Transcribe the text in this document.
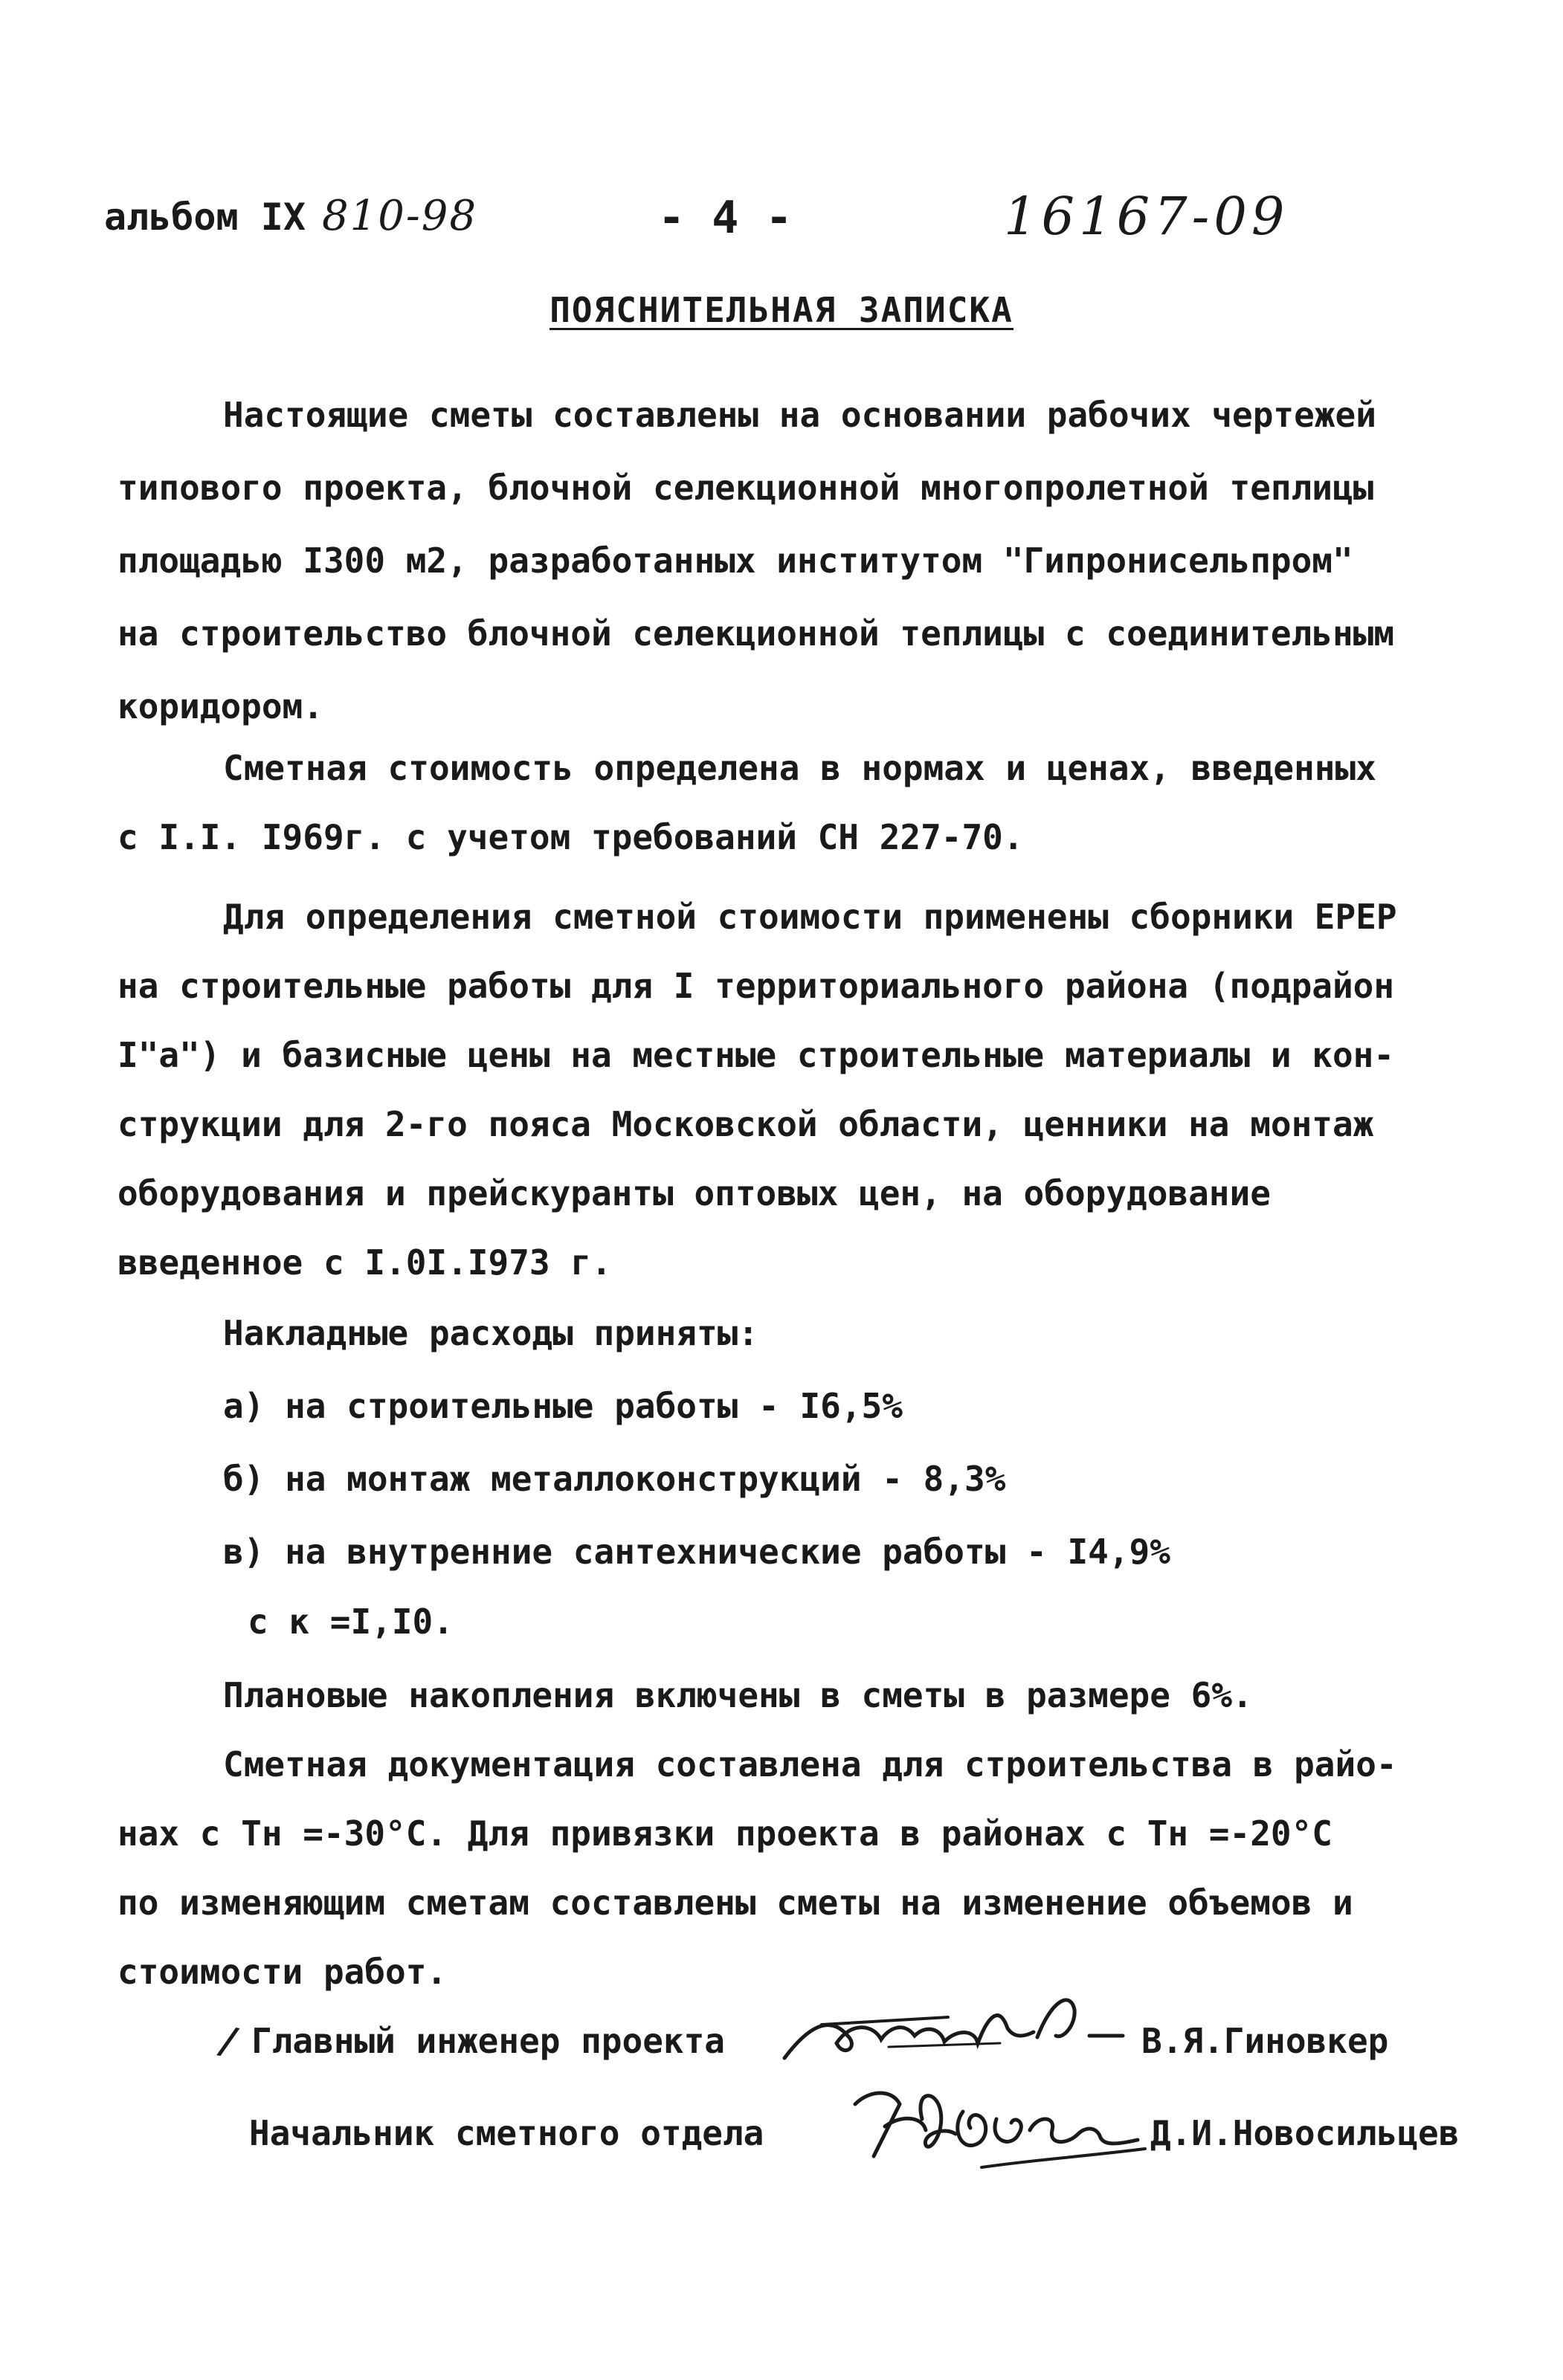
альбом IX 810-98	- 4 -	16167-09
ПОЯСНИТЕЛЬНАЯ ЗАПИСКА
Настоящие сметы составлены на основании рабочих чертежей
типового проекта, блочной селекционной многопролетной теплицы
площадью I300 м2, разработанных институтом "Гипронисельпром"
на строительство блочной селекционной теплицы с соединительным
коридором.
Сметная стоимость определена в нормах и ценах, введенных
с I.I. I969г. с учетом требований СН 227-70.
Для определения сметной стоимости применены сборники ЕРЕР
на строительные работы для I территориального района (подрайон
I"а") и базисные цены на местные строительные материалы и кон-
струкции для 2-го пояса Московской области, ценники на монтаж
оборудования и прейскуранты оптовых цен, на оборудование
введенное с I.0I.I973 г.
Накладные расходы приняты:
а) на строительные работы - I6,5%
б) на монтаж металлоконструкций - 8,3%
в) на внутренние сантехнические работы - I4,9%
с к =I,I0.
Плановые накопления включены в сметы в размере 6%.
Сметная документация составлена для строительства в райо-
нах с Тн =-30°С. Для привязки проекта в районах с Тн =-20°С
по изменяющим сметам составлены сметы на изменение объемов и
стоимости работ.
/ Главный инженер проекта	В.Я.Гиновкер
Начальник сметного отдела	Д.И.Новосильцев
